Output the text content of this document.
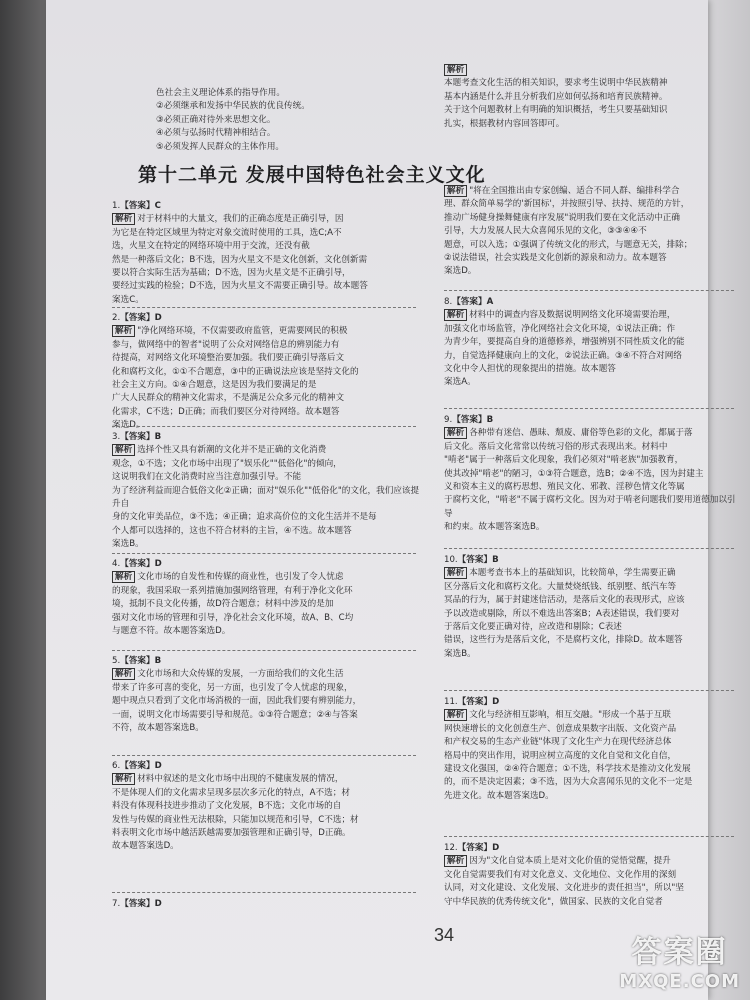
色社会主义理论体系的指导作用。
②必须继承和发扬中华民族的优良传统。
③必须正确对待外来思想文化。
④必须与弘扬时代精神相结合。
⑤必须发挥人民群众的主体作用。
1.【答案】C
解析 对于材料中的大量文，我们的正确态度是正确引导，因
为它是在特定区域里为特定对象交流时使用的工具，选C;A不
选，火星文在特定的网络环境中用于交流，还没有截
然是一种落后文化；B不选，因为火星文不是文化创新，文化创新需
要以符合实际生活为基础；D不选，因为火星文是不正确引导，
要经过实践的检验；D不选，因为火星文不需要正确引导。故本题答
案选C。
2.【答案】D
解析 "净化网络环境，不仅需要政府监管，更需要网民的积极
参与，做网络中的智者"说明了公众对网络信息的辨别能力有
待提高，对网络文化环境整治要加强。我们要正确引导落后文
化和腐朽文化，①①不合题意，③中的正确说法应该是坚持文化的
社会主义方向。①④合题意，这是因为我们要满足的是
广大人民群众的精神文化需求，不是满足公众多元化的精神文
化需求，C不选；D正确；而我们要区分对待网络。故本题答
案选D。
3.【答案】B
解析 选择个性又具有新潮的文化并不是正确的文化消费
观念，①不选；文化市场中出现了"娱乐化""低俗化"的倾向，
这说明我们在文化消费时应当注意加强引导。不能
为了经济利益而迎合低俗文化②正确；面对"娱乐化""低俗化"的文化，我们应该提升自
身的文化审美品位，③不选；④正确；追求高价位的文化生活并不是每
个人都可以选择的，这也不符合材料的主旨，④不选。故本题答
案选B。
4.【答案】D
解析 文化市场的自发性和传媒的商业性，也引发了令人忧虑
的现象，我国采取一系列措施加强网络管理，有利于净化文化环
境，抵制不良文化传播，故D符合题意；材料中涉及的是加
强对文化市场的管理和引导，净化社会文化环境，故A、B、C均
与题意不符。故本题答案选D。
5.【答案】B
解析 文化市场和大众传媒的发展，一方面给我们的文化生活
带来了许多可喜的变化，另一方面，也引发了令人忧虑的现象，
题中现点只看到了文化市场消极的一面，因此我们要有辨别能力，
一面，说明文化市场需要引导和规范。①③符合题意；②④与答案
不符，故本题答案选B。
6.【答案】D
解析 材料中叙述的是文化市场中出现的不健康发展的情况，
不是体现人们的文化需求呈现多层次多元化的特点，A不选；材
料没有体现科技进步推动了文化发展，B不选；文化市场的自
发性与传媒的商业性无法根除，只能加以规范和引导，C不选；材
料表明文化市场中越活跃越需要加强管理和正确引导，D正确。
故本题答案选D。
7.【答案】D
第十二单元 发展中国特色社会主义文化
解析
本题考查文化生活的相关知识，要求考生说明中华民族精神
基本内涵是什么并且分析我们应如何弘扬和培育民族精神。
关于这个问题教材上有明确的知识概括，考生只要基础知识
扎实，根据教材内容回答即可。
解析 "将在全国推出由专家创编、适合不同人群、编排科学合
理、群众简单易学的'新国标'，并按照引导、扶持、规范的方针，
推动广场健身操舞健康有序发展"说明我们要在文化活动中正确
引导，大力发展人民大众喜闻乐见的文化，③③④④不
题意，可以入选；①强调了传统文化的形式，与题意无关，排除；
②说法错误，社会实践是文化创新的源泉和动力。故本题答
案选D。
8.【答案】A
解析 材料中的调查内容及数据说明网络文化环境需要治理，
加强文化市场监管，净化网络社会文化环境，①说法正确；作
为青少年，要提高自身的道德修养，增强辨别不同性质文化的能
力，自觉选择健康向上的文化，②说法正确。③④不符合对网络
文化中令人担忧的现象提出的措施。故本题答
案选A。
9.【答案】B
解析 各种带有迷信、愚昧、颓废、庸俗等色彩的文化，都属于落
后文化。落后文化常常以传统习俗的形式表现出来。材料中
"啃老"属于一种落后文化现象，我们必须对"啃老族"加强教育，
使其改掉"啃老"的陋习，①③符合题意，选B；②④不选，因为封建主
义和资本主义的腐朽思想、殖民文化、邪教、淫秽色情文化等属
于腐朽文化，"啃老"不属于腐朽文化。因为对于啃老问题我们要用道德加以引导
和约束。故本题答案选B。
10.【答案】B
解析 本题考查书本上的基础知识，比较简单，学生需要正确
区分落后文化和腐朽文化。大量焚烧纸钱、纸别墅、纸汽车等
冥品的行为，属于封建迷信活动，是落后文化的表现形式，应该
予以改造或剔除，所以不难选出答案B；A表述错误，我们要对
于落后文化要正确对待，应改造和剔除；C表述
错误，这些行为是落后文化，不是腐朽文化，排除D。故本题答
案选B。
11.【答案】D
解析 文化与经济相互影响，相互交融。"形成一个基于互联
网快速增长的文化创意生产、创意成果数字出版、文化资产品
和产权交易的生态产业链"体现了文化生产力在现代经济总体
格局中的突出作用，说明应树立高度的文化自觉和文化自信，
建设文化强国，②④符合题意；①不选，科学技术是推动文化发展
的，而不是决定因素；③不选，因为大众喜闻乐见的文化不一定是
先进文化。故本题答案选D。
12.【答案】D
解析 因为"文化自觉本质上是对文化价值的觉悟觉醒，提升
文化自觉需要我们有对文化意义、文化地位、文化作用的深刻
认同，对文化建设、文化发展、文化进步的责任担当"，所以"坚
守中华民族的优秀传统文化"，做国家、民族的文化自觉者
34	答案圈
MXQE.COM
